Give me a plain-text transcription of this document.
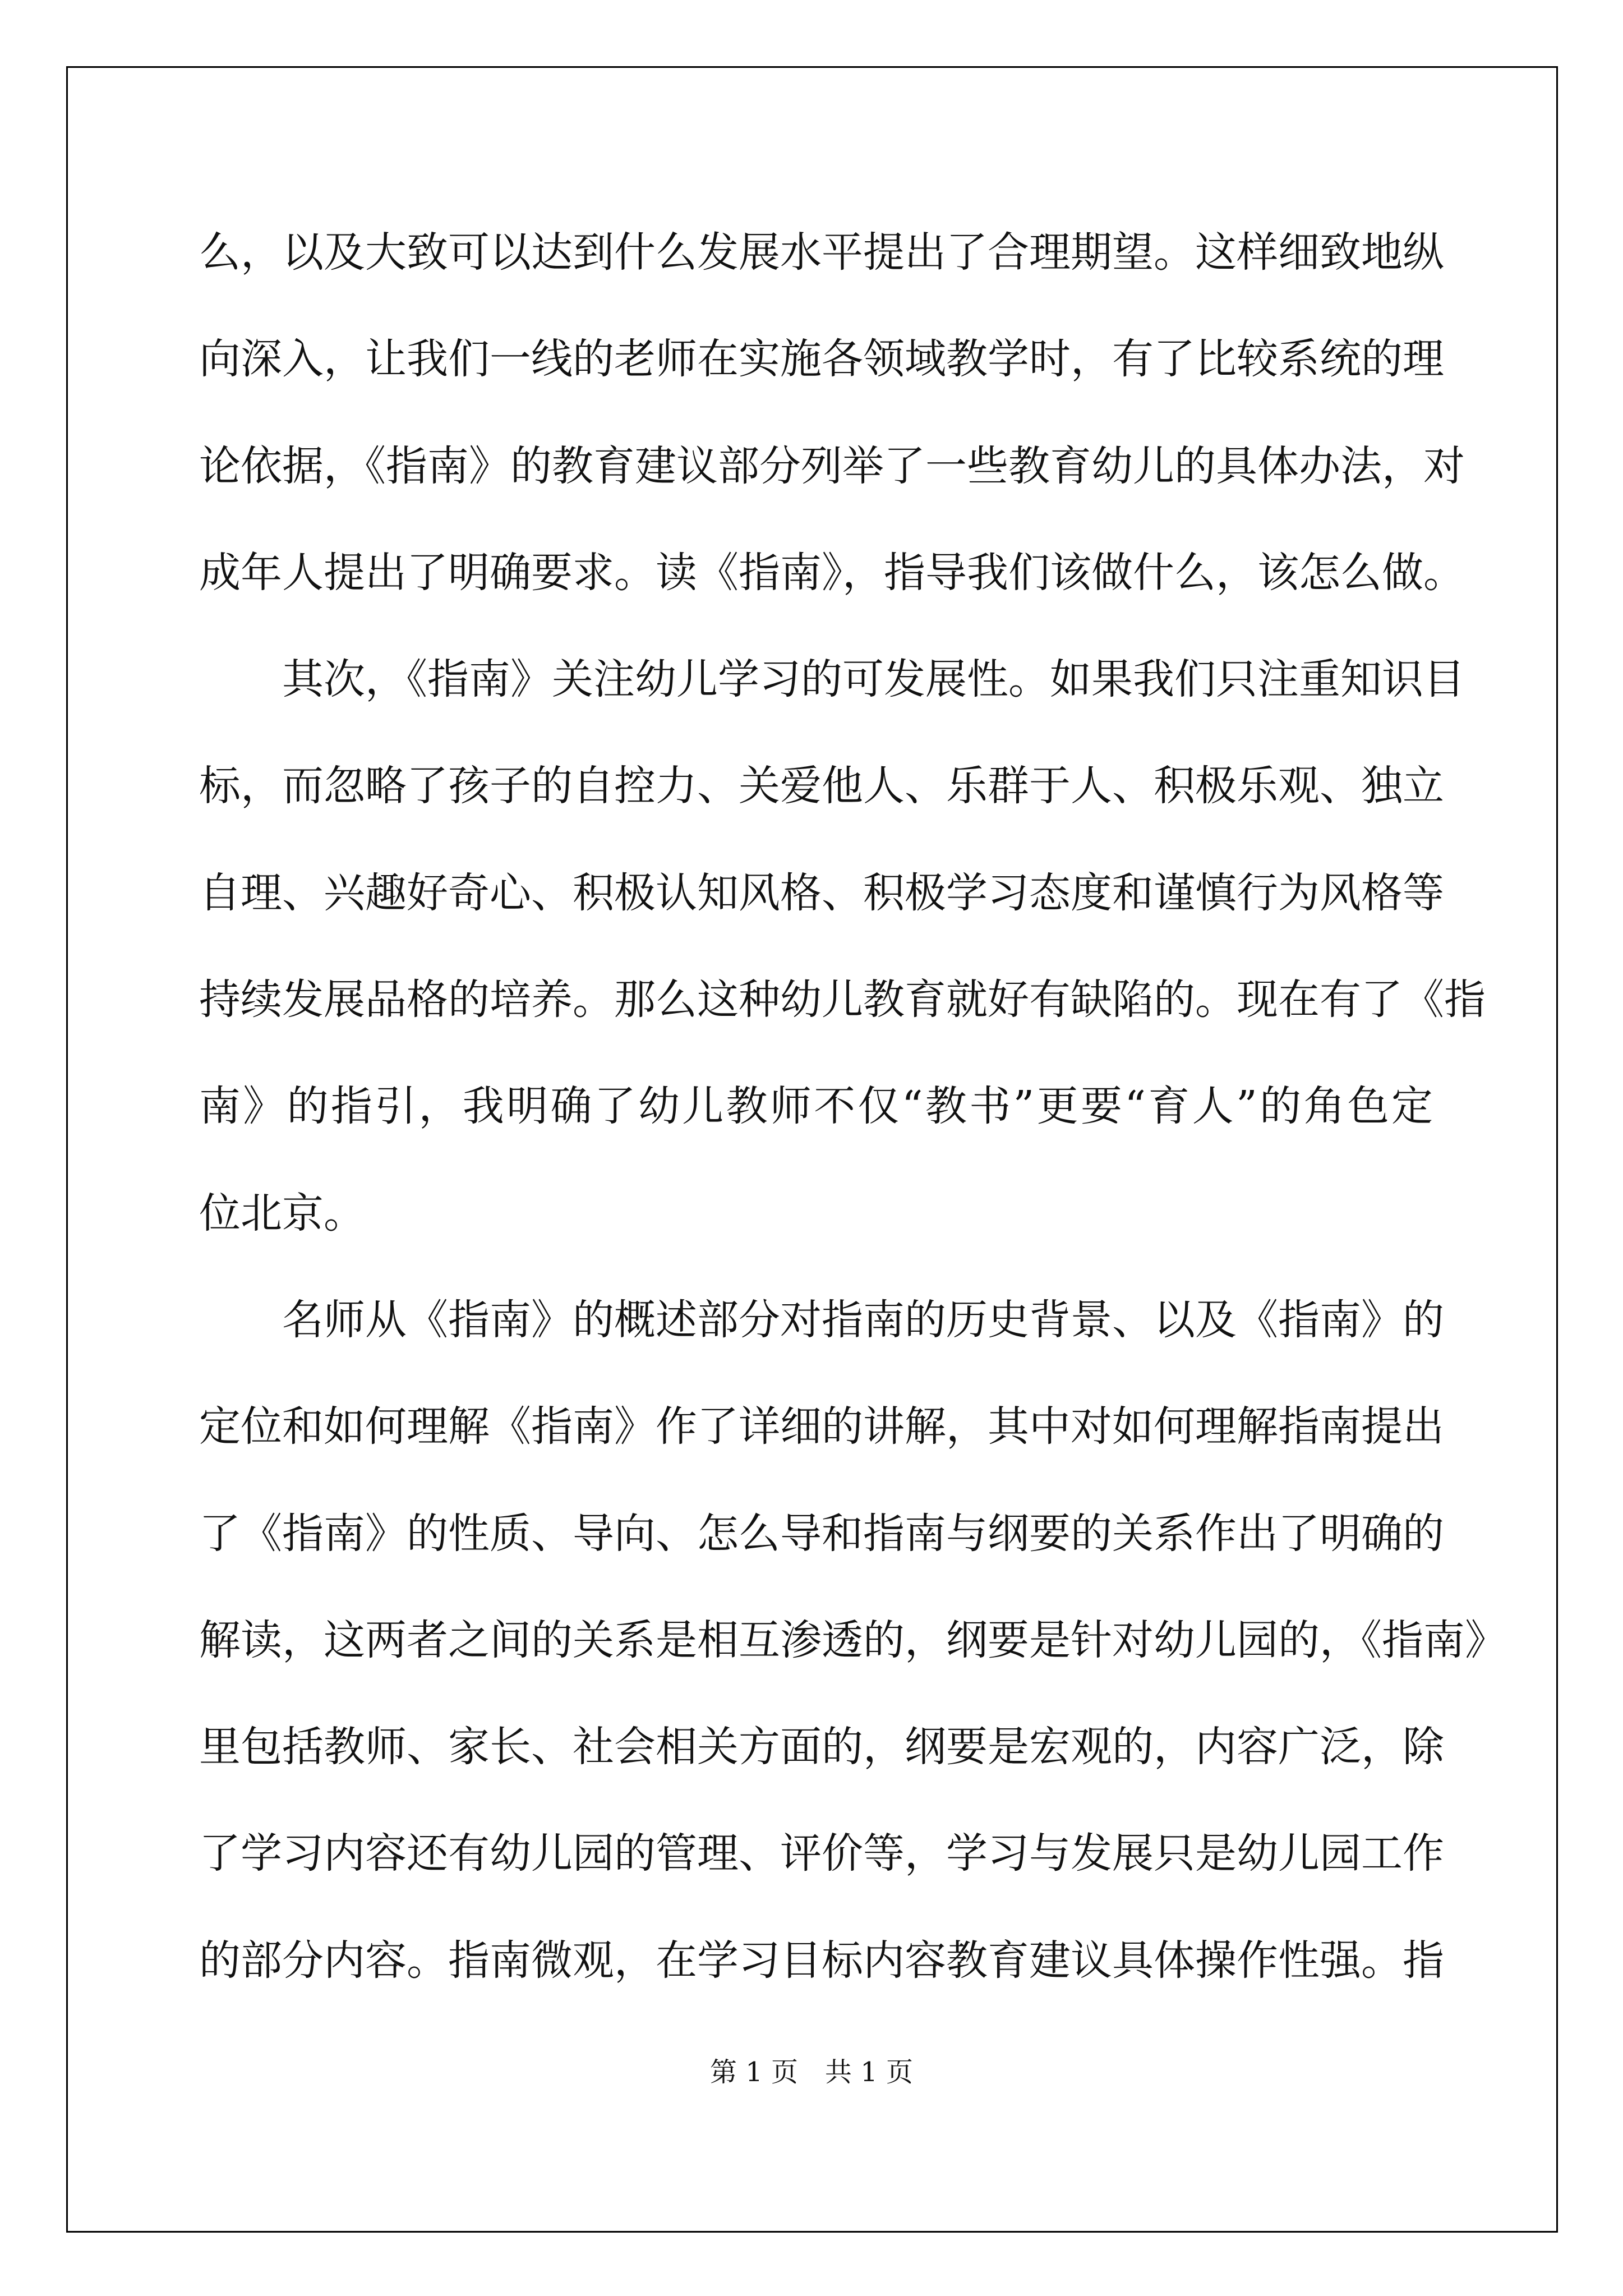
么，以及大致可以达到什么发展水平提出了合理期望。这样细致地纵
向深入，让我们一线的老师在实施各领域教学时，有了比较系统的理
论依据，《指南》的教育建议部分列举了一些教育幼儿的具体办法，对
成年人提出了明确要求。读《指南》，指导我们该做什么，该怎么做。
其次，《指南》关注幼儿学习的可发展性。如果我们只注重知识目
标，而忽略了孩子的自控力、关爱他人、乐群于人、积极乐观、独立
自理、兴趣好奇心、积极认知风格、积极学习态度和谨慎行为风格等
持续发展品格的培养。那么这种幼儿教育就好有缺陷的。现在有了《指
南》的指引，我明确了幼儿教师不仅“教书”更要“育人”的角色定
位北京。
名师从《指南》的概述部分对指南的历史背景、以及《指南》的
定位和如何理解《指南》作了详细的讲解，其中对如何理解指南提出
了《指南》的性质、导向、怎么导和指南与纲要的关系作出了明确的
解读，这两者之间的关系是相互渗透的，纲要是针对幼儿园的，《指南》
里包括教师、家长、社会相关方面的，纲要是宏观的，内容广泛，除
了学习内容还有幼儿园的管理、评价等，学习与发展只是幼儿园工作
的部分内容。指南微观，在学习目标内容教育建议具体操作性强。指
第 1 页　共 1 页
